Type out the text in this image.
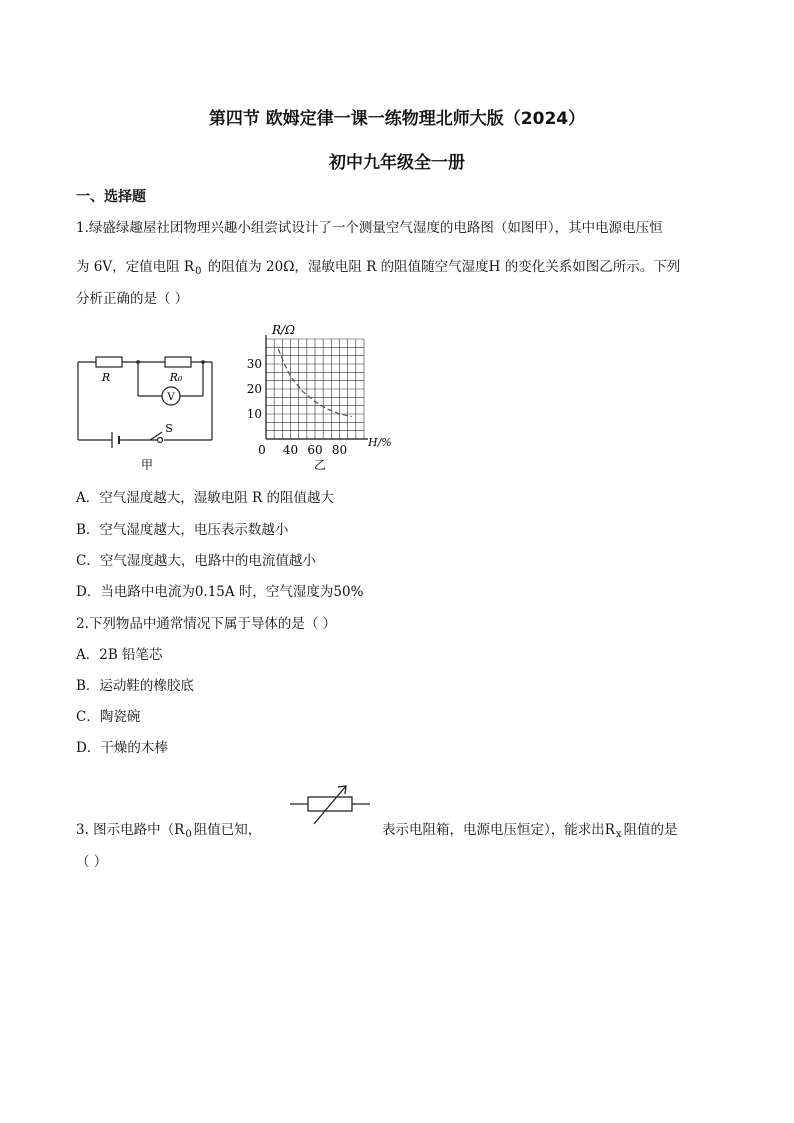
第四节 欧姆定律一课一练物理北师大版（2024）
初中九年级全一册
一、选择题
1.绿盛绿趣屋社团物理兴趣小组尝试设计了一个测量空气湿度的电路图（如图甲），其中电源电压恒
为 6V，定值电阻 $R_0$ 的阻值为 20Ω，湿敏电阻 R 的阻值随空气湿度H 的变化关系如图乙所示。下列
分析正确的是（ ）
R	R₀
V
S
甲
10
20
30
0 40 60 80
R/Ω
H/%
乙
A．空气湿度越大，湿敏电阻 R 的阻值越大
B．空气湿度越大，电压表示数越小
C．空气湿度越大，电路中的电流值越小
D．当电路中电流为0.15A 时，空气湿度为50%
2.下列物品中通常情况下属于导体的是（ ）
A．2B 铅笔芯
B．运动鞋的橡胶底
C．陶瓷碗
D．干燥的木棒
3. 图示电路中（$R_0$ 阻值已知，	表示电阻箱，电源电压恒定），能求出$R_x$ 阻值的是
（ ）
